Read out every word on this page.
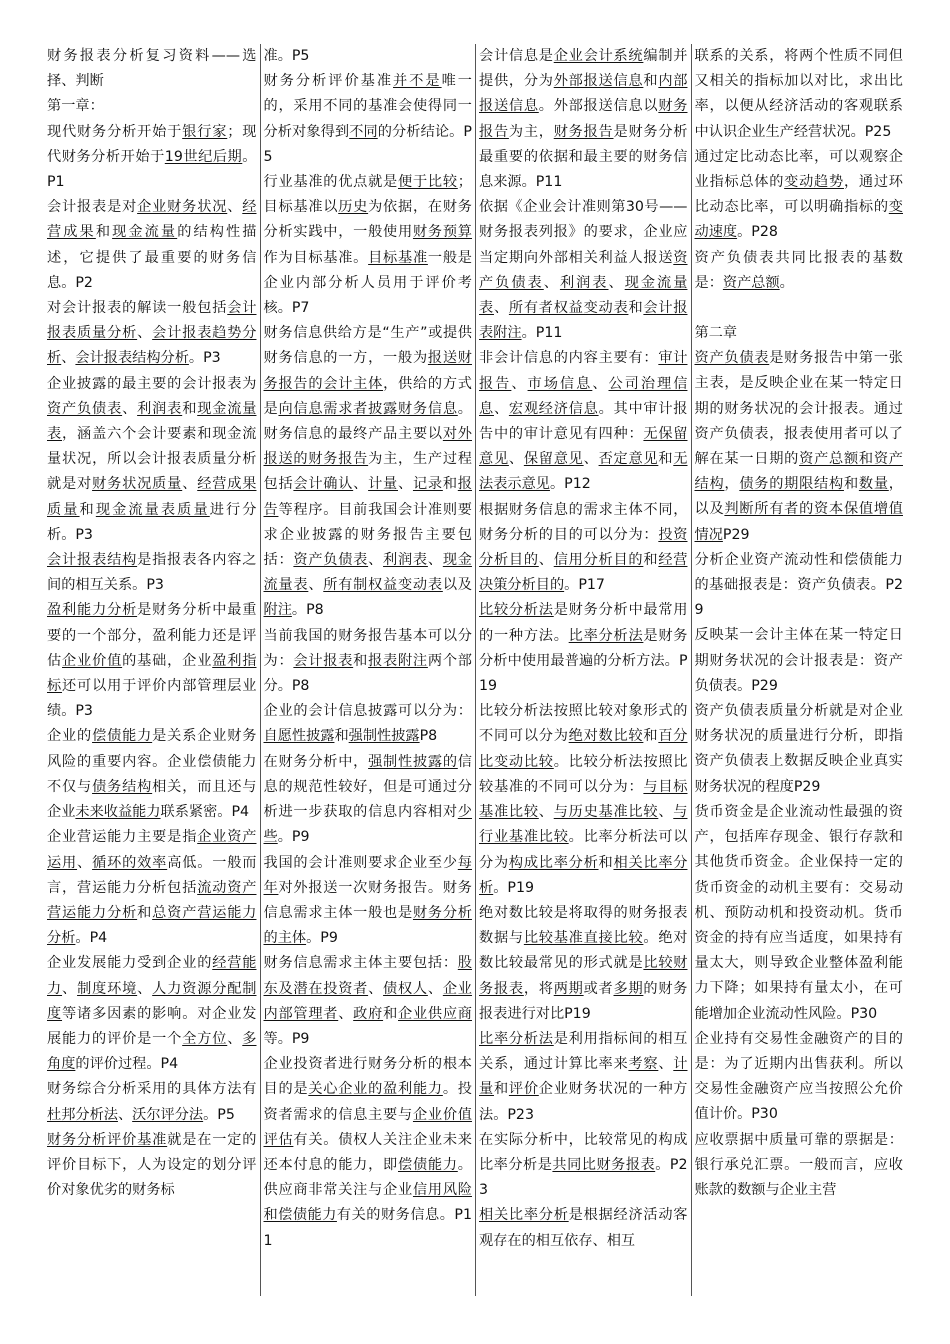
财务报表分析复习资料——选择、判断

第一章：

现代财务分析开始于银行家；现代财务分析开始于19世纪后期。P1

会计报表是对企业财务状况、经营成果和现金流量的结构性描述，它提供了最重要的财务信息。P2

对会计报表的解读一般包括会计报表质量分析、会计报表趋势分析、会计报表结构分析。P3

企业披露的最主要的会计报表为资产负债表、利润表和现金流量表，涵盖六个会计要素和现金流量状况，所以会计报表质量分析就是对财务状况质量、经营成果质量和现金流量表质量进行分析。P3

会计报表结构是指报表各内容之间的相互关系。P3

盈利能力分析是财务分析中最重要的一个部分，盈利能力还是评估企业价值的基础，企业盈利指标还可以用于评价内部管理层业绩。P3

企业的偿债能力是关系企业财务风险的重要内容。企业偿债能力不仅与债务结构相关，而且还与企业未来收益能力联系紧密。P4

企业营运能力主要是指企业资产运用、循环的效率高低。一般而言，营运能力分析包括流动资产营运能力分析和总资产营运能力分析。P4

企业发展能力受到企业的经营能力、制度环境、人力资源分配制度等诸多因素的影响。对企业发展能力的评价是一个全方位、多角度的评价过程。P4

财务综合分析采用的具体方法有杜邦分析法、沃尔评分法。P5

财务分析评价基准就是在一定的评价目标下，人为设定的划分评价对象优劣的财务标

准。P5

财务分析评价基准并不是唯一的，采用不同的基准会使得同一分析对象得到不同的分析结论。P5

行业基准的优点就是便于比较；目标基准以历史为依据，在财务分析实践中，一般使用财务预算作为目标基准。目标基准一般是企业内部分析人员用于评价考核。P7

财务信息供给方是“生产”或提供财务信息的一方，一般为报送财务报告的会计主体，供给的方式是向信息需求者披露财务信息。财务信息的最终产品主要以对外报送的财务报告为主，生产过程包括会计确认、计量、记录和报告等程序。目前我国会计准则要求企业披露的财务报告主要包括：资产负债表、利润表、现金流量表、所有制权益变动表以及附注。P8

当前我国的财务报告基本可以分为：会计报表和报表附注两个部分。P8

企业的会计信息披露可以分为：自愿性披露和强制性披露P8

在财务分析中，强制性披露的信息的规范性较好，但是可通过分析进一步获取的信息内容相对少些。P9

我国的会计准则要求企业至少每年对外报送一次财务报告。财务信息需求主体一般也是财务分析的主体。P9

财务信息需求主体主要包括：股东及潜在投资者、债权人、企业内部管理者、政府和企业供应商等。P9

企业投资者进行财务分析的根本目的是关心企业的盈利能力。投资者需求的信息主要与企业价值评估有关。债权人关注企业未来还本付息的能力，即偿债能力。供应商非常关注与企业信用风险和偿债能力有关的财务信息。P11

会计信息是企业会计系统编制并提供，分为外部报送信息和内部报送信息。外部报送信息以财务报告为主，财务报告是财务分析最重要的依据和最主要的财务信息来源。P11

依据《企业会计准则第30号——财务报表列报》的要求，企业应当定期向外部相关利益人报送资产负债表、利润表、现金流量表、所有者权益变动表和会计报表附注。P11

非会计信息的内容主要有：审计报告、市场信息、公司治理信息、宏观经济信息。其中审计报告中的审计意见有四种：无保留意见、保留意见、否定意见和无法表示意见。P12

根据财务信息的需求主体不同，财务分析的目的可以分为：投资分析目的、信用分析目的和经营决策分析目的。P17

比较分析法是财务分析中最常用的一种方法。比率分析法是财务分析中使用最普遍的分析方法。P19

比较分析法按照比较对象形式的不同可以分为绝对数比较和百分比变动比较。比较分析法按照比较基准的不同可以分为：与目标基准比较、与历史基准比较、与行业基准比较。比率分析法可以分为构成比率分析和相关比率分析。P19

绝对数比较是将取得的财务报表数据与比较基准直接比较。绝对数比较最常见的形式就是比较财务报表，将两期或者多期的财务报表进行对比P19

比率分析法是利用指标间的相互关系，通过计算比率来考察、计量和评价企业财务状况的一种方法。P23

在实际分析中，比较常见的构成比率分析是共同比财务报表。P23

相关比率分析是根据经济活动客观存在的相互依存、相互

联系的关系，将两个性质不同但又相关的指标加以对比，求出比率，以便从经济活动的客观联系中认识企业生产经营状况。P25

通过定比动态比率，可以观察企业指标总体的变动趋势，通过环比动态比率，可以明确指标的变动速度。P28

资产负债表共同比报表的基数是：资产总额。

第二章

资产负债表是财务报告中第一张主表，是反映企业在某一特定日期的财务状况的会计报表。通过资产负债表，报表使用者可以了解在某一日期的资产总额和资产结构，债务的期限结构和数量，以及判断所有者的资本保值增值情况P29

分析企业资产流动性和偿债能力的基础报表是：资产负债表。P29

反映某一会计主体在某一特定日期财务状况的会计报表是：资产负债表。P29

资产负债表质量分析就是对企业财务状况的质量进行分析，即指资产负债表上数据反映企业真实财务状况的程度P29

货币资金是企业流动性最强的资产，包括库存现金、银行存款和其他货币资金。企业保持一定的货币资金的动机主要有：交易动机、预防动机和投资动机。货币资金的持有应当适度，如果持有量太大，则导致企业整体盈利能力下降；如果持有量太小，在可能增加企业流动性风险。P30

企业持有交易性金融资产的目的是：为了近期内出售获利。所以交易性金融资产应当按照公允价值计价。P30

应收票据中质量可靠的票据是：银行承兑汇票。一般而言，应收账款的数额与企业主营
